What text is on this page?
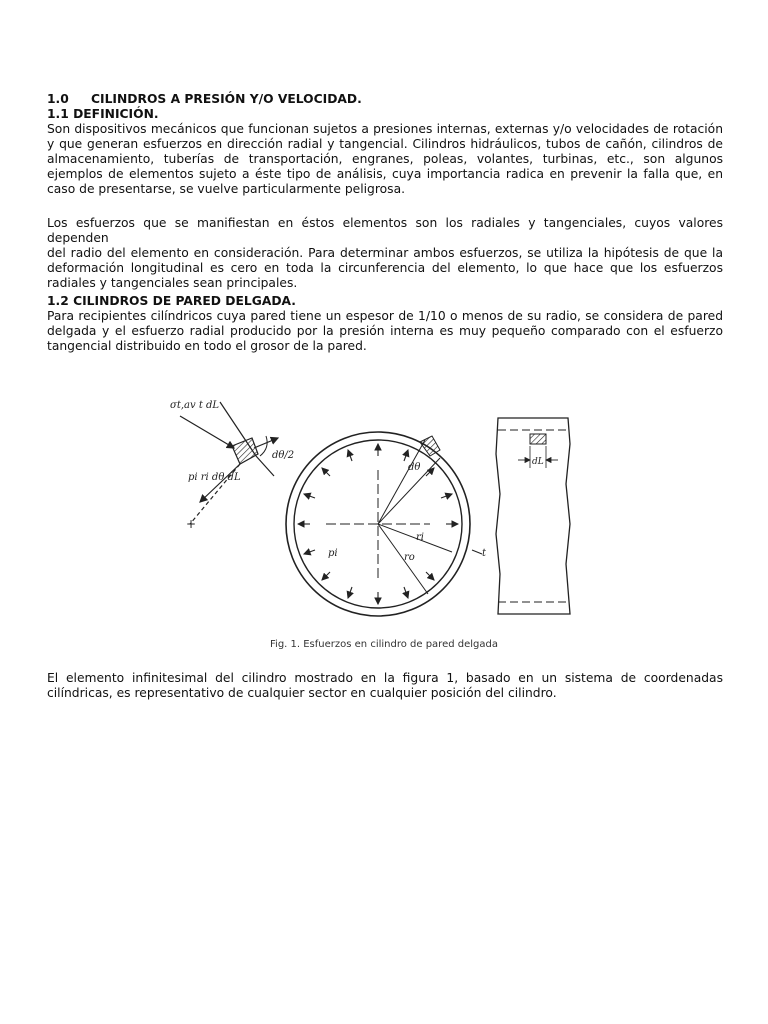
1.0 CILINDROS A PRESIÓN Y/O VELOCIDAD.
1.1 DEFINICIÓN.
Son dispositivos mecánicos que funcionan sujetos a presiones internas, externas y/o velocidades de rotación
y que generan esfuerzos en dirección radial y tangencial. Cilindros hidráulicos, tubos de cañón, cilindros de
almacenamiento, tuberías de transportación, engranes, poleas, volantes, turbinas, etc., son algunos
ejemplos de elementos sujeto a éste tipo de análisis, cuya importancia radica en prevenir la falla que, en
caso de presentarse, se vuelve particularmente peligrosa.
Los esfuerzos que se manifiestan en éstos elementos son los radiales y tangenciales, cuyos valores dependen
del radio del elemento en consideración. Para determinar ambos esfuerzos, se utiliza la hipótesis de que la
deformación longitudinal es cero en toda la circunferencia del elemento, lo que hace que los esfuerzos
radiales y tangenciales sean principales.
1.2 CILINDROS DE PARED DELGADA.
Para recipientes cilíndricos cuya pared tiene un espesor de 1/10 o menos de su radio, se considera de pared
delgada y el esfuerzo radial producido por la presión interna es muy pequeño comparado con el esfuerzo
tangencial distribuido en todo el grosor de la pared.
σt,av t dL
pi ri dθ dL
dθ/2
+
dθ
ri
ro
pi	t
dL
Fig. 1. Esfuerzos en cilindro de pared delgada
El elemento infinitesimal del cilindro mostrado en la figura 1, basado en un sistema de coordenadas
cilíndricas, es representativo de cualquier sector en cualquier posición del cilindro.
